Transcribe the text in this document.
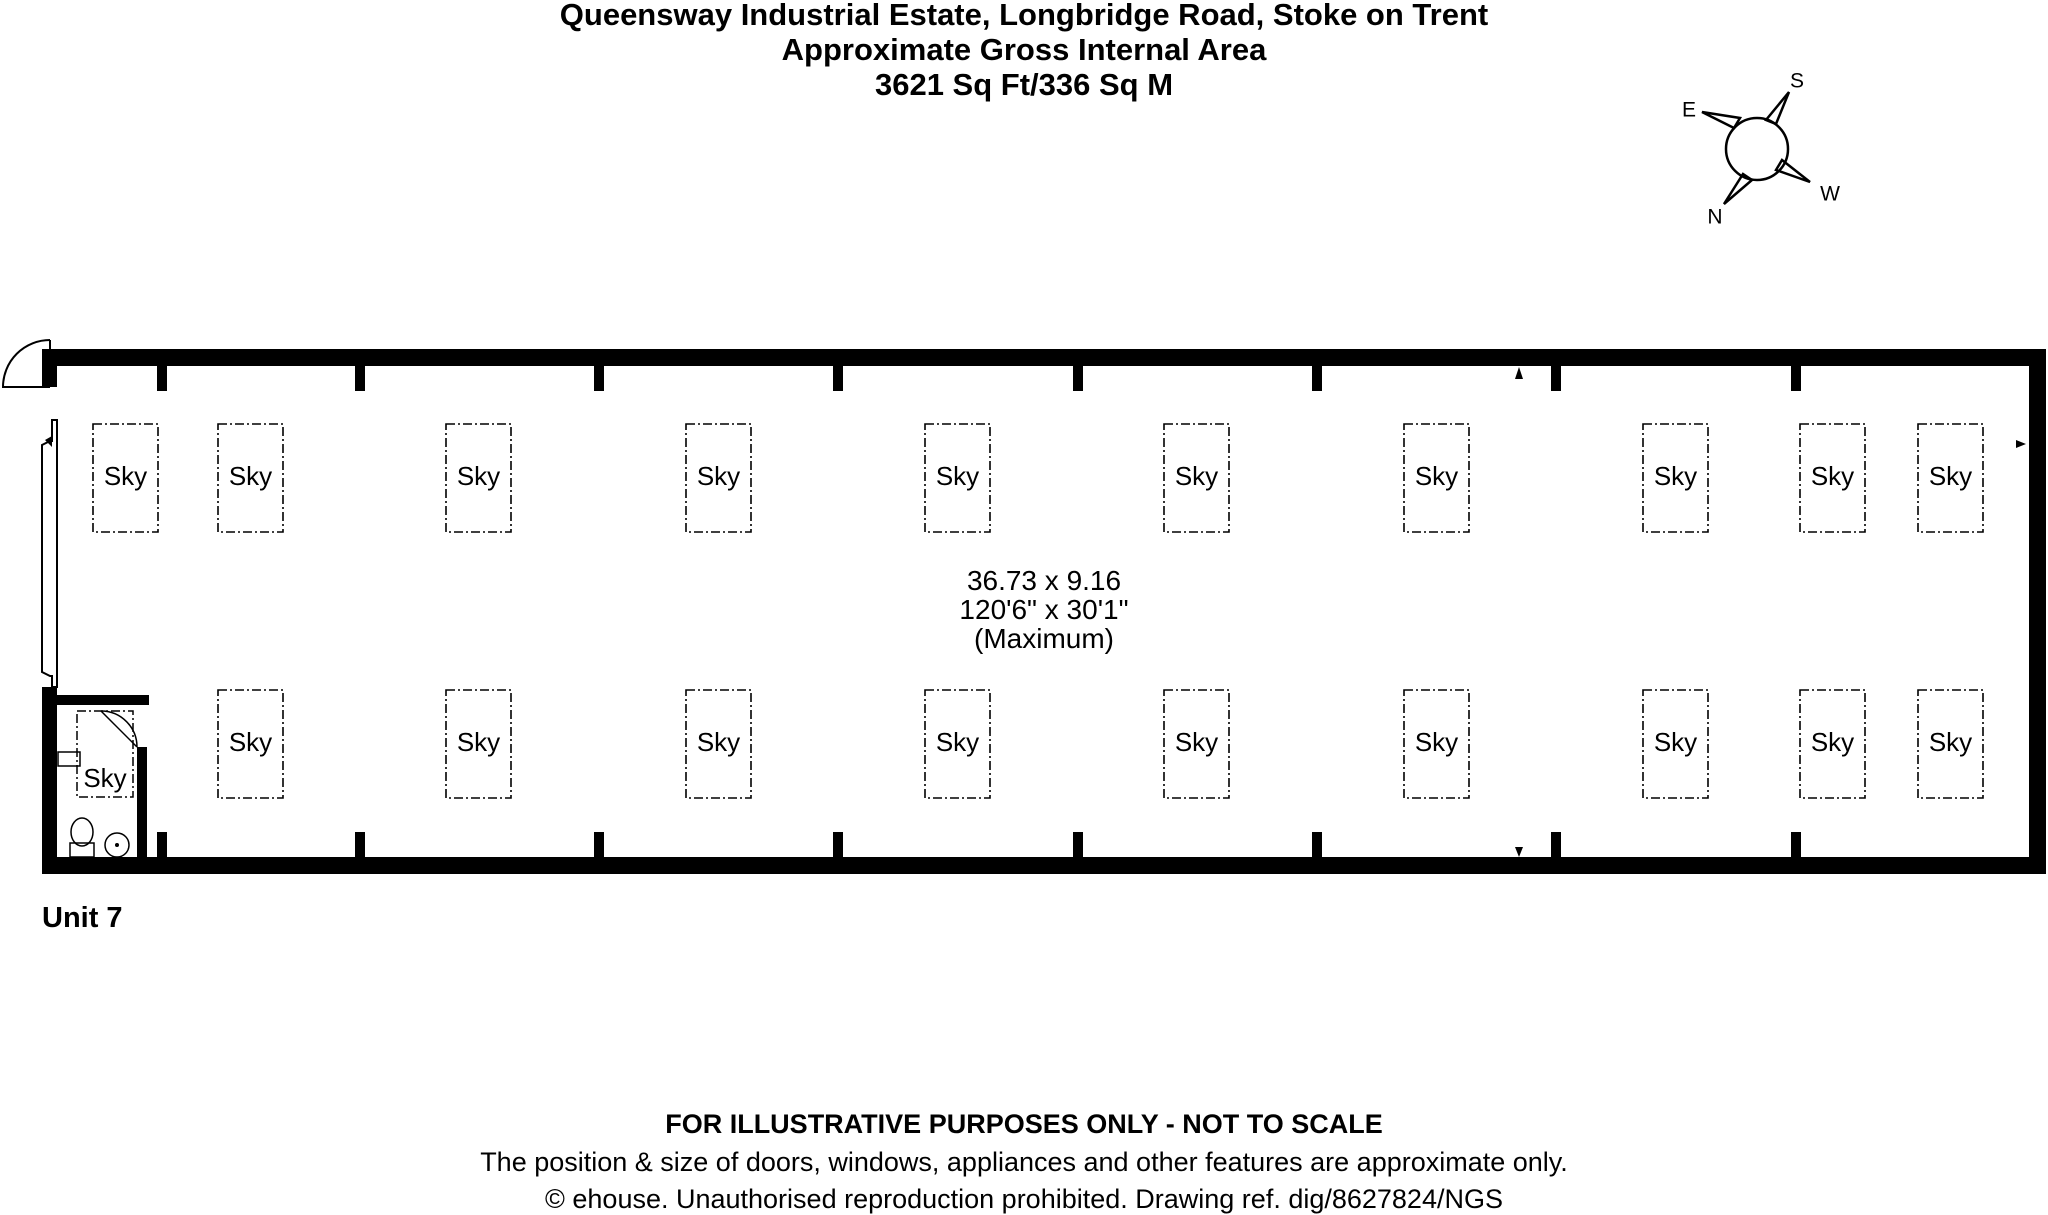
Queensway Industrial Estate, Longbridge Road, Stoke on Trent
Approximate Gross Internal Area
3621 Sq Ft/336 Sq M	S
E
N
W
Sky
Sky	Sky	Sky	Sky	Sky	Sky	Sky	Sky	Sky	Sky
Sky	Sky	Sky	Sky	Sky	Sky	Sky	Sky	Sky
36.73 x 9.16
120'6" x 30'1"
(Maximum)
Unit 7
FOR ILLUSTRATIVE PURPOSES ONLY - NOT TO SCALE
The position & size of doors, windows, appliances and other features are approximate only.
© ehouse. Unauthorised reproduction prohibited. Drawing ref. dig/8627824/NGS
